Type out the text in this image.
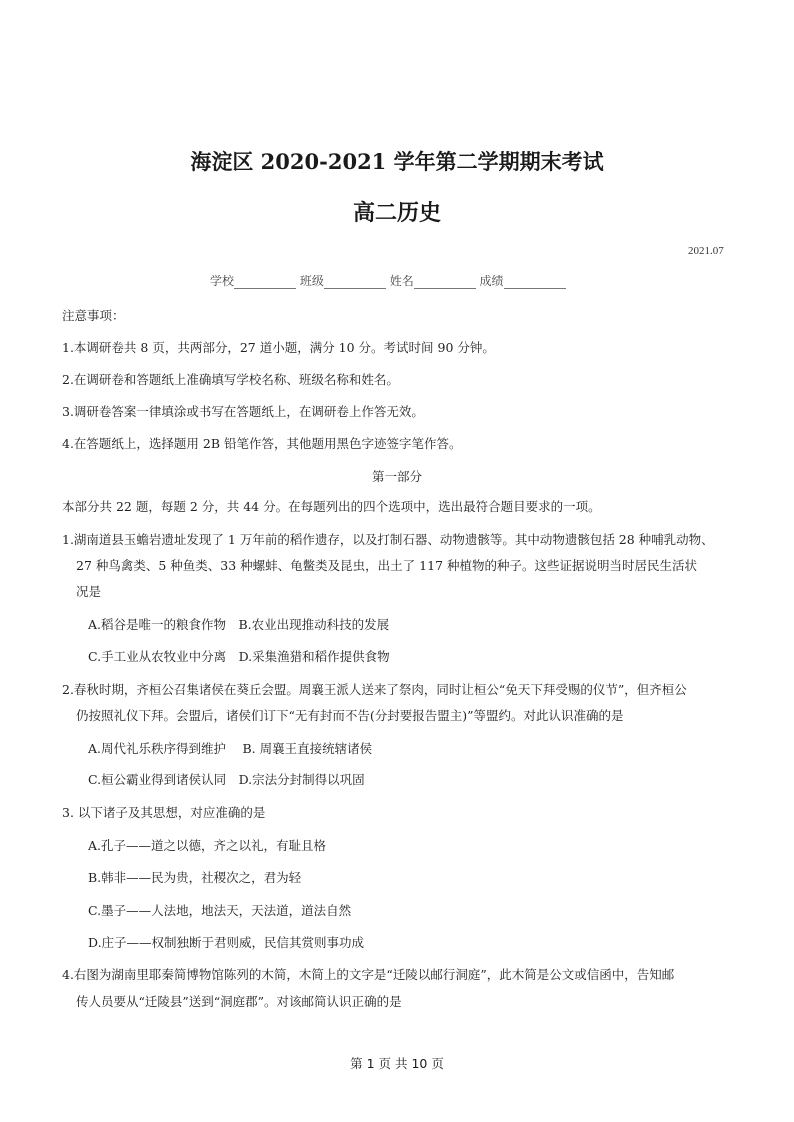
海淀区 2020-2021 学年第二学期期末考试
高二历史
2021.07
学校	班级	姓名	成绩
注意事项：
1.本调研卷共 8 页，共两部分，27 道小题，满分 10 分。考试时间 90 分钟。
2.在调研卷和答题纸上准确填写学校名称、班级名称和姓名。
3.调研卷答案一律填涂或书写在答题纸上，在调研卷上作答无效。
4.在答题纸上，选择题用 2B 铅笔作答，其他题用黑色字迹签字笔作答。
第一部分
本部分共 22 题，每题 2 分，共 44 分。在每题列出的四个选项中，选出最符合题目要求的一项。
1.湖南道县玉蟾岩遗址发现了 1 万年前的稻作遗存，以及打制石器、动物遗骸等。其中动物遗骸包括 28 种哺乳动物、
27 种鸟禽类、5 种鱼类、33 种螺蚌、龟鳖类及昆虫，出土了 117 种植物的种子。这些证据说明当时居民生活状
况是
A.稻谷是唯一的粮食作物　B.农业出现推动科技的发展
C.手工业从农牧业中分离　D.采集渔猎和稻作提供食物
2.春秋时期，齐桓公召集诸侯在葵丘会盟。周襄王派人送来了祭肉，同时让桓公“免天下拜受赐的仪节”，但齐桓公
仍按照礼仪下拜。会盟后，诸侯们订下“无有封而不告(分封要报告盟主)”等盟约。对此认识准确的是
A.周代礼乐秩序得到维护　 B. 周襄王直接统辖诸侯
C.桓公霸业得到诸侯认同　D.宗法分封制得以巩固
3. 以下诸子及其思想，对应准确的是
A.孔子——道之以德，齐之以礼，有耻且格
B.韩非——民为贵，社稷次之，君为轻
C.墨子——人法地，地法天，天法道，道法自然
D.庄子——权制独断于君则威，民信其赏则事功成
4.右图为湖南里耶秦简博物馆陈列的木简，木简上的文字是“迁陵以邮行洞庭”，此木简是公文或信函中，告知邮
传人员要从“迁陵县”送到“洞庭郡”。对该邮简认识正确的是
第 1 页 共 10 页
